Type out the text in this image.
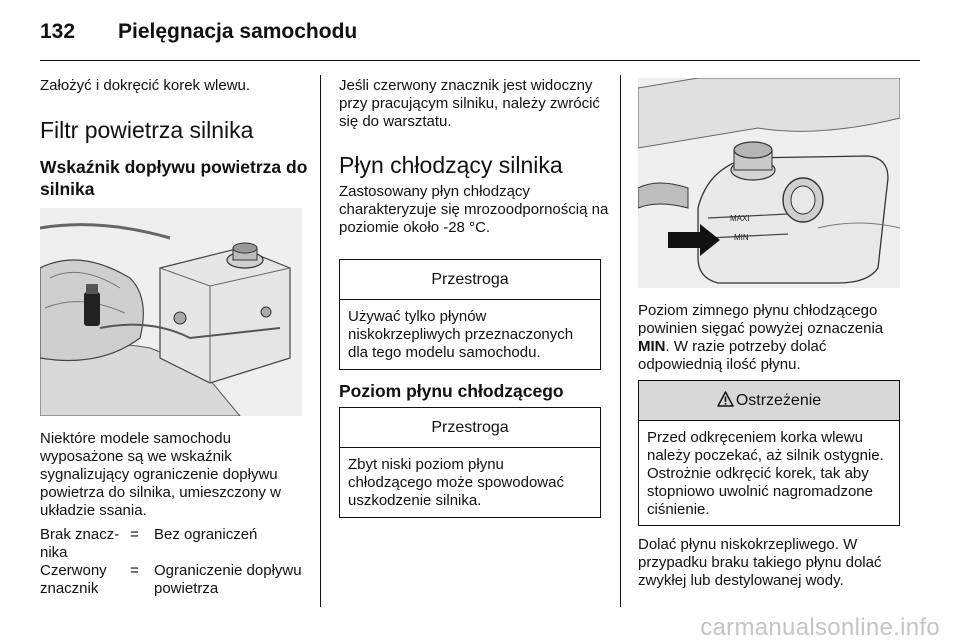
132 Pielęgnacja samochodu

Założyć i dokręcić korek wlewu.

Filtr powietrza silnika
Wskaźnik dopływu powietrza do silnika

Niektóre modele samochodu wyposażone są we wskaźnik sygnalizujący ograniczenie dopływu powietrza do silnika, umieszczony w układzie ssania.

Brak znacz-nika
= Bez ograniczeń
Czerwony znacznik
= Ograniczenie dopływu powietrza

Jeśli czerwony znacznik jest widoczny przy pracującym silniku, należy zwrócić się do warsztatu.

Płyn chłodzący silnika

Zastosowany płyn chłodzący charakteryzuje się mrozoodpornością na poziomie około -28 °C.

Przestroga
Używać tylko płynów niskokrzepliwych przeznaczonych dla tego modelu samochodu.
Poziom płynu chłodzącego
Przestroga
Zbyt niski poziom płynu chłodzącego może spowodować uszkodzenie silnika.
MAXI
MIN

Poziom zimnego płynu chłodzącego powinien sięgać powyżej oznaczenia MIN. W razie potrzeby dolać odpowiednią ilość płynu.

Ostrzeżenie
Przed odkręceniem korka wlewu należy poczekać, aż silnik ostygnie. Ostrożnie odkręcić korek, tak aby stopniowo uwolnić nagromadzone ciśnienie.

Dolać płynu niskokrzepliwego. W przypadku braku takiego płynu dolać zwykłej lub destylowanej wody.

carmanualsonline.info
